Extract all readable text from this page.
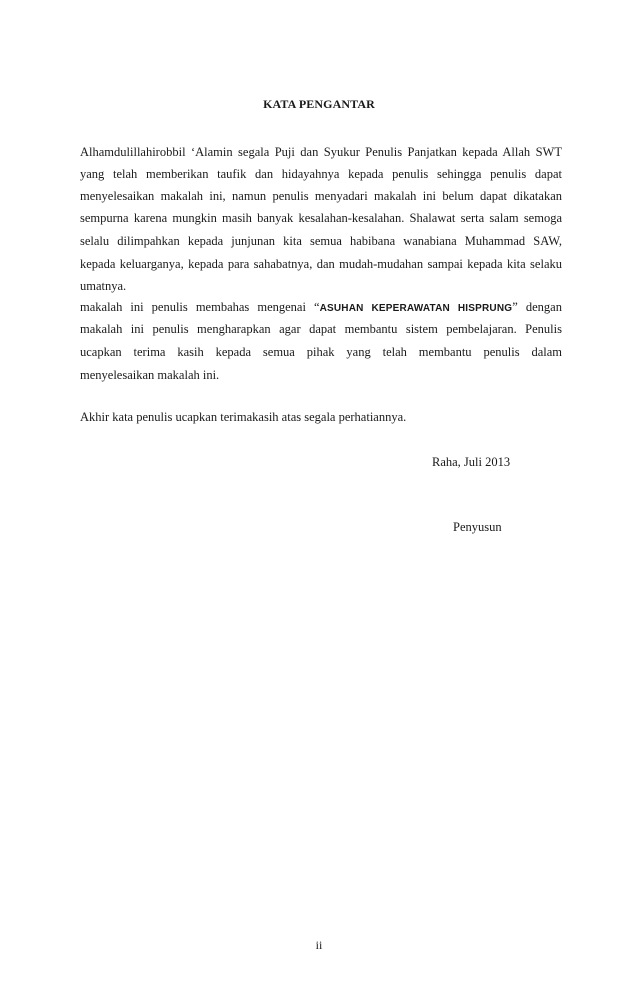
KATA PENGANTAR
Alhamdulillahirobbil ‘Alamin segala Puji dan Syukur Penulis Panjatkan kepada Allah SWT
yang telah memberikan taufik dan hidayahnya kepada penulis sehingga penulis dapat
menyelesaikan makalah ini, namun penulis menyadari makalah ini belum dapat dikatakan
sempurna karena mungkin masih banyak kesalahan-kesalahan. Shalawat serta salam semoga
selalu dilimpahkan kepada junjunan kita semua habibana wanabiana Muhammad SAW,
kepada keluarganya, kepada para sahabatnya, dan mudah-mudahan sampai kepada kita selaku
umatnya.
makalah ini penulis membahas mengenai “ASUHAN KEPERAWATAN HISPRUNG” dengan
makalah ini penulis mengharapkan agar dapat membantu sistem pembelajaran. Penulis
ucapkan terima kasih kepada semua pihak yang telah membantu penulis dalam
menyelesaikan makalah ini.
Akhir kata penulis ucapkan terimakasih atas segala perhatiannya.
Raha, Juli 2013
Penyusun
ii
